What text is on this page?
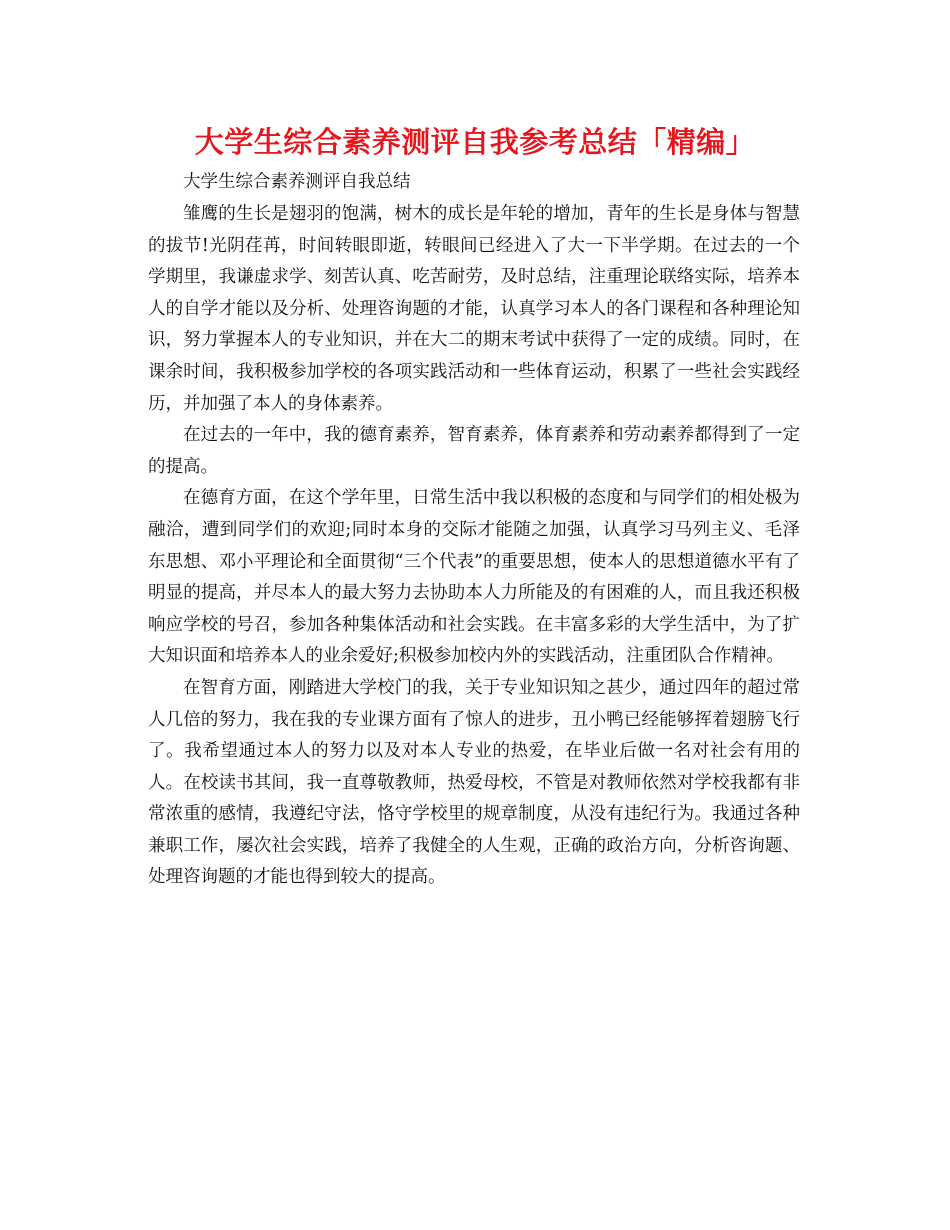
大学生综合素养测评自我参考总结「精编」
大学生综合素养测评自我总结

雏鹰的生长是翅羽的饱满，树木的成长是年轮的增加，青年的生长是身体与智慧的拔节!光阴荏苒，时间转眼即逝，转眼间已经进入了大一下半学期。在过去的一个学期里，我谦虚求学、刻苦认真、吃苦耐劳，及时总结，注重理论联络实际，培养本人的自学才能以及分析、处理咨询题的才能，认真学习本人的各门课程和各种理论知识，努力掌握本人的专业知识，并在大二的期末考试中获得了一定的成绩。同时，在课余时间，我积极参加学校的各项实践活动和一些体育运动，积累了一些社会实践经历，并加强了本人的身体素养。

在过去的一年中，我的德育素养，智育素养，体育素养和劳动素养都得到了一定的提高。

在德育方面，在这个学年里，日常生活中我以积极的态度和与同学们的相处极为融洽，遭到同学们的欢迎;同时本身的交际才能随之加强，认真学习马列主义、毛泽东思想、邓小平理论和全面贯彻“三个代表”的重要思想，使本人的思想道德水平有了明显的提高，并尽本人的最大努力去协助本人力所能及的有困难的人，而且我还积极响应学校的号召，参加各种集体活动和社会实践。在丰富多彩的大学生活中，为了扩大知识面和培养本人的业余爱好;积极参加校内外的实践活动，注重团队合作精神。

在智育方面，刚踏进大学校门的我，关于专业知识知之甚少，通过四年的超过常人几倍的努力，我在我的专业课方面有了惊人的进步，丑小鸭已经能够挥着翅膀飞行了。我希望通过本人的努力以及对本人专业的热爱，在毕业后做一名对社会有用的人。在校读书其间，我一直尊敬教师，热爱母校，不管是对教师依然对学校我都有非常浓重的感情，我遵纪守法，恪守学校里的规章制度，从没有违纪行为。我通过各种兼职工作，屡次社会实践，培养了我健全的人生观，正确的政治方向，分析咨询题、处理咨询题的才能也得到较大的提高。
